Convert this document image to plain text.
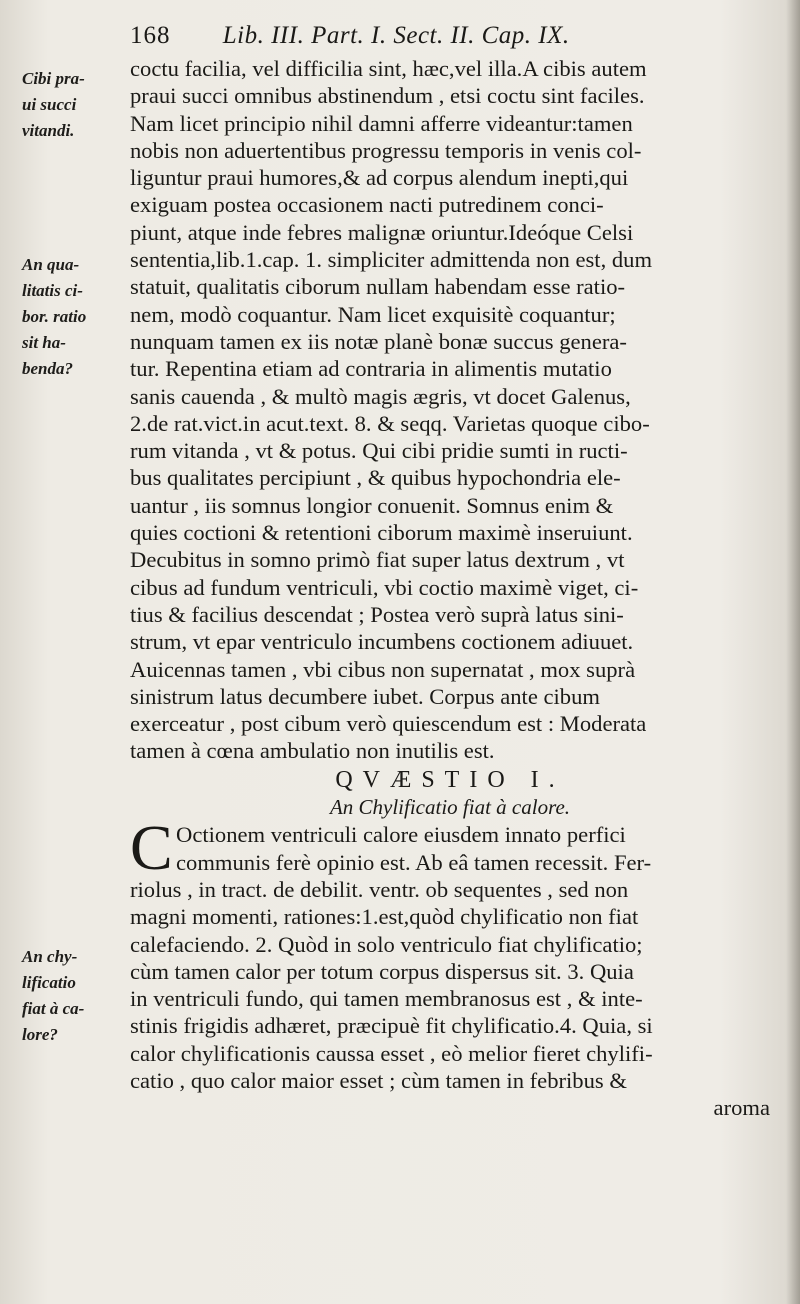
168 Lib. III. Part. I. Sect. II. Cap. IX.
Cibi pra-
ui succi
vitandi.
An qua-
litatis ci-
bor. ratio
sit ha-
benda?
An chy-
lificatio
fiat à ca-
lore?
coctu facilia, vel difficilia sint, hæc,vel illa.A cibis autem
praui succi omnibus abstinendum , etsi coctu sint faciles.
Nam licet principio nihil damni afferre videantur:tamen
nobis non aduertentibus progressu temporis in venis col-
liguntur praui humores,& ad corpus alendum inepti,qui
exiguam postea occasionem nacti putredinem conci-
piunt, atque inde febres malignæ oriuntur.Ideóque Celsi
sententia,lib.1.cap. 1. simpliciter admittenda non est, dum
statuit, qualitatis ciborum nullam habendam esse ratio-
nem, modò coquantur. Nam licet exquisitè coquantur;
nunquam tamen ex iis notæ planè bonæ succus genera-
tur. Repentina etiam ad contraria in alimentis mutatio
sanis cauenda , & multò magis ægris, vt docet Galenus,
2.de rat.vict.in acut.text. 8. & seqq. Varietas quoque cibo-
rum vitanda , vt & potus. Qui cibi pridie sumti in ructi-
bus qualitates percipiunt , & quibus hypochondria ele-
uantur , iis somnus longior conuenit. Somnus enim &
quies coctioni & retentioni ciborum maximè inseruiunt.
Decubitus in somno primò fiat super latus dextrum , vt
cibus ad fundum ventriculi, vbi coctio maximè viget, ci-
tius & facilius descendat ; Postea verò suprà latus sini-
strum, vt epar ventriculo incumbens coctionem adiuuet.
Auicennas tamen , vbi cibus non supernatat , mox suprà
sinistrum latus decumbere iubet. Corpus ante cibum
exerceatur , post cibum verò quiescendum est : Moderata
tamen à cœna ambulatio non inutilis est.
QVÆSTIO I.
An Chylificatio fiat à calore.
C Octionem ventriculi calore eiusdem innato perfici
communis ferè opinio est. Ab eâ tamen recessit. Fer-
riolus , in tract. de debilit. ventr. ob sequentes , sed non
magni momenti, rationes:1.est,quòd chylificatio non fiat
calefaciendo. 2. Quòd in solo ventriculo fiat chylificatio;
cùm tamen calor per totum corpus dispersus sit. 3. Quia
in ventriculi fundo, qui tamen membranosus est , & inte-
stinis frigidis adhæret, præcipuè fit chylificatio.4. Quia, si
calor chylificationis caussa esset , eò melior fieret chylifi-
catio , quo calor maior esset ; cùm tamen in febribus &
aroma
